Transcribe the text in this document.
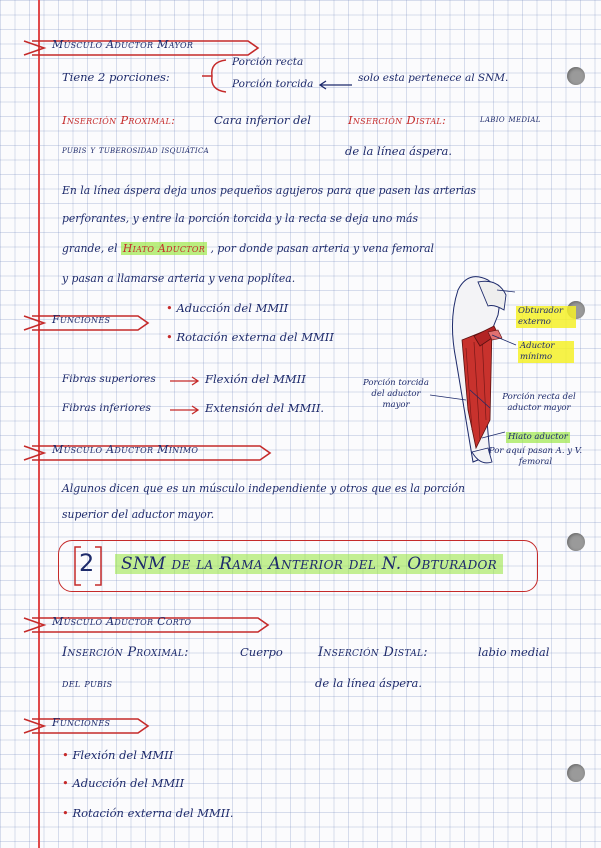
Músculo Aductor Mayor
Tiene 2 porciones:
Porción recta
Porción torcida	solo esta pertenece al SNM.
Inserción Proximal:	Cara inferior del
pubis y tuberosidad isquiática
Inserción Distal:	labio medial
de la línea áspera.
En la línea áspera deja unos pequeños agujeros para que pasen las arterias
perforantes, y entre la porción torcida y la recta se deja uno más
grande, el Hiato Aductor , por donde pasan arteria y vena femoral
y pasan a llamarse arteria y vena poplítea.
Funciones
• Aducción del MMII
• Rotación externa del MMII
Fibras superiores	Flexión del MMII
Fibras inferiores	Extensión del MMII.
Obturador externo
Aductor mínimo
Porción torcida del aductor mayor
Porción recta del aductor mayor
Hiato aductor
Por aquí pasan A. y V. femoral
Músculo Aductor Mínimo
Algunos dicen que es un músculo independiente y otros que es la porción
superior del aductor mayor.
2	SNM de la Rama Anterior del N. Obturador
Músculo Aductor Corto
Inserción Proximal:	Cuerpo
del pubis
Inserción Distal:	labio medial
de la línea áspera.
Funciones
• Flexión del MMII
• Aducción del MMII
• Rotación externa del MMII.
